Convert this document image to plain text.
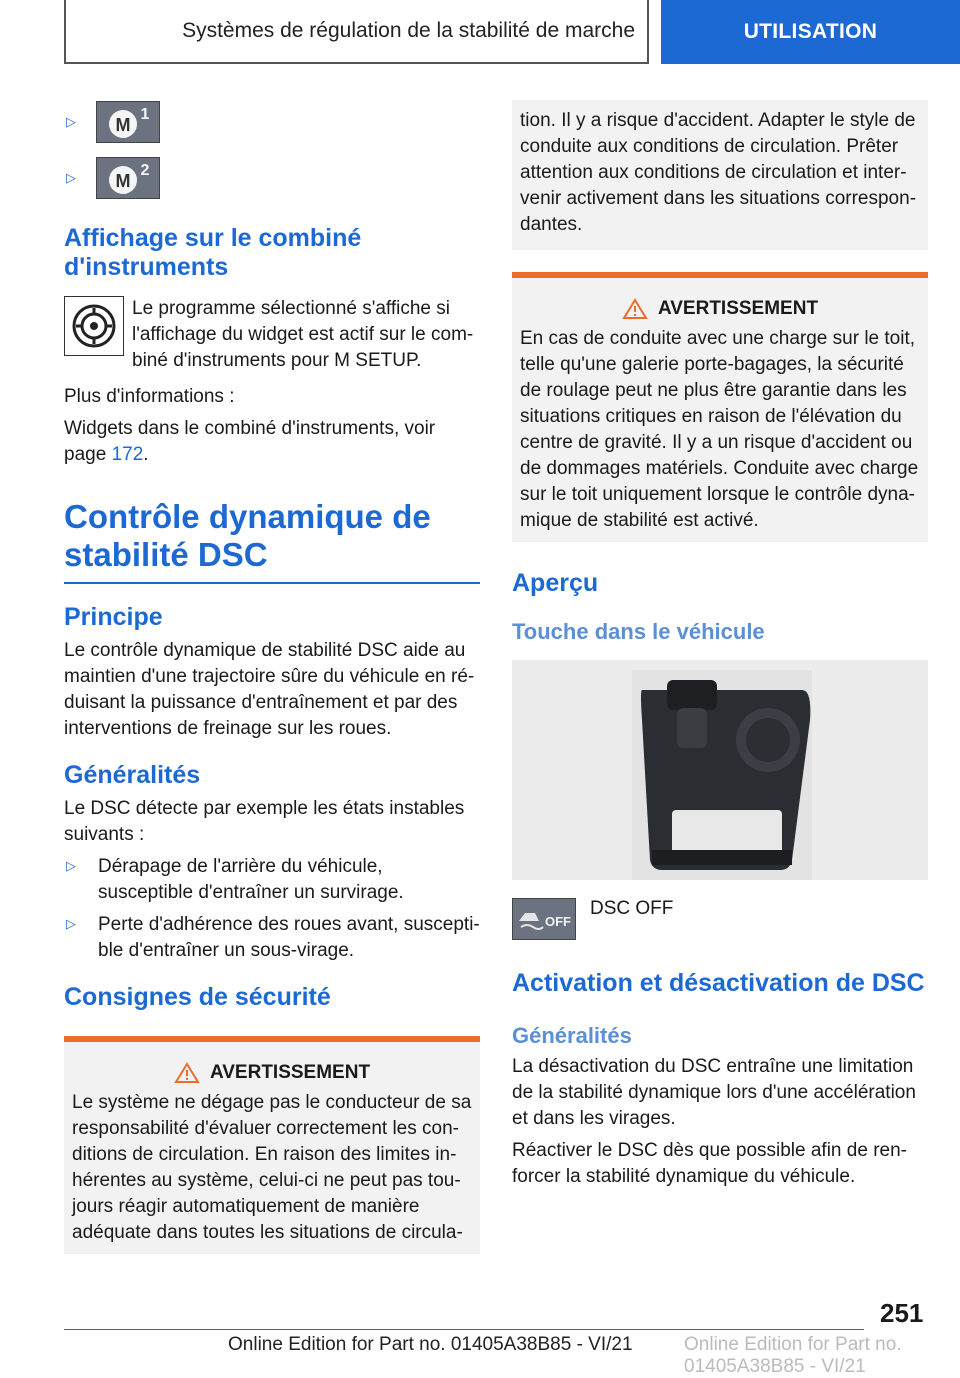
Systèmes de régulation de la stabilité de marche	UTILISATION
▷	M
1
▷	M
2
Affichage sur le combiné d'instruments

Le programme sélectionné s'affiche si l'affichage du widget est actif sur le com- biné d'instruments pour M SETUP.

Plus d'informations :

Widgets dans le combiné d'instruments, voir page 172.

Contrôle dynamique de stabilité DSC
Principe

Le contrôle dynamique de stabilité DSC aide au maintien d'une trajectoire sûre du véhicule en ré- duisant la puissance d'entraînement et par des interventions de freinage sur les roues.

Généralités

Le DSC détecte par exemple les états instables suivants :

▷	Dérapage de l'arrière du véhicule, susceptible d'entraîner un survirage.

▷	Perte d'adhérence des roues avant, suscepti- ble d'entraîner un sous-virage.

Consignes de sécurité
AVERTISSEMENT

Le système ne dégage pas le conducteur de sa responsabilité d'évaluer correctement les con- ditions de circulation. En raison des limites in- hérentes au système, celui-ci ne peut pas tou- jours réagir automatiquement de manière adéquate dans toutes les situations de circula-

tion. Il y a risque d'accident. Adapter le style de conduite aux conditions de circulation. Prêter attention aux conditions de circulation et inter- venir activement dans les situations correspon- dantes.

AVERTISSEMENT

En cas de conduite avec une charge sur le toit, telle qu'une galerie porte-bagages, la sécurité de roulage peut ne plus être garantie dans les situations critiques en raison de l'élévation du centre de gravité. Il y a un risque d'accident ou de dommages matériels. Conduite avec charge sur le toit uniquement lorsque le contrôle dyna- mique de stabilité est activé.

Aperçu
Touche dans le véhicule
OFF

DSC OFF

Activation et désactivation de DSC
Généralités

La désactivation du DSC entraîne une limitation de la stabilité dynamique lors d'une accélération et dans les virages.

Réactiver le DSC dès que possible afin de ren- forcer la stabilité dynamique du véhicule.

251
Online Edition for Part no. 01405A38B85 - VI/21	Online Edition for Part no. 01405A38B85 - VI/21
